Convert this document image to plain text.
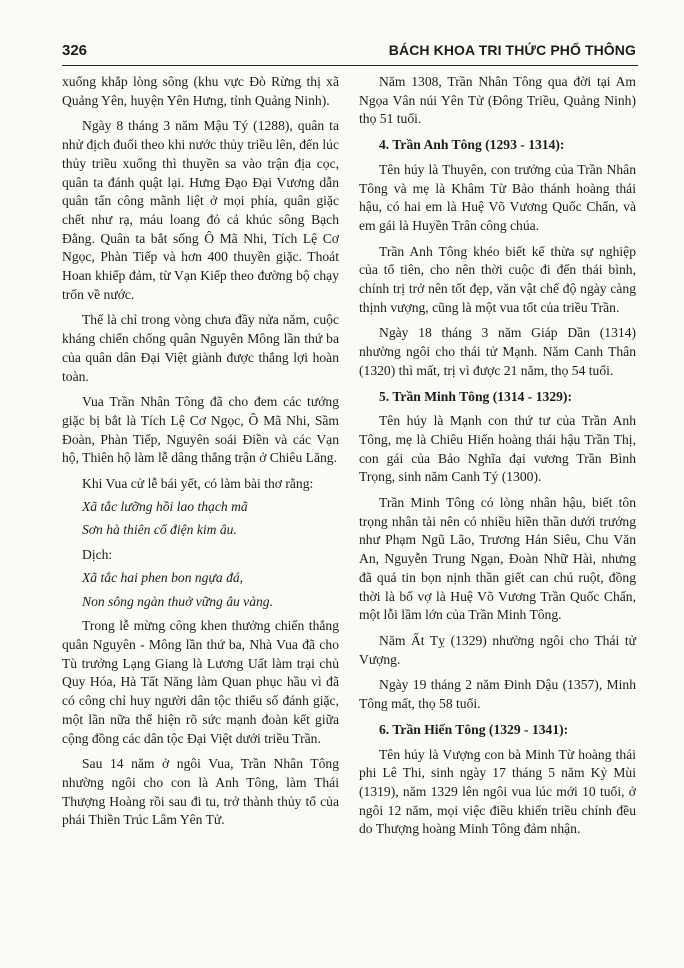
326	BÁCH KHOA TRI THỨC PHỔ THÔNG

xuống khắp lòng sông (khu vực Đò Rừng thị xã Quảng Yên, huyện Yên Hưng, tỉnh Quảng Ninh).

Ngày 8 tháng 3 năm Mậu Tý (1288), quân ta nhử địch đuổi theo khi nước thủy triều lên, đến lúc thủy triều xuống thì thuyền sa vào trận địa cọc, quân ta đánh quật lại. Hưng Đạo Đại Vương dẫn quân tấn công mãnh liệt ở mọi phía, quân giặc chết như rạ, máu loang đỏ cả khúc sông Bạch Đằng. Quân ta bắt sống Ô Mã Nhi, Tích Lệ Cơ Ngọc, Phàn Tiếp và hơn 400 thuyền giặc. Thoát Hoan khiếp đảm, từ Vạn Kiếp theo đường bộ chạy trốn về nước.

Thế là chỉ trong vòng chưa đầy nửa năm, cuộc kháng chiến chống quân Nguyên Mông lần thứ ba của quân dân Đại Việt giành được thắng lợi hoàn toàn.

Vua Trần Nhân Tông đã cho đem các tướng giặc bị bắt là Tích Lệ Cơ Ngọc, Ô Mã Nhi, Sầm Đoàn, Phàn Tiếp, Nguyên soái Điền và các Vạn hộ, Thiên hộ làm lễ dâng thắng trận ở Chiêu Lăng.

Khi Vua cử lễ bái yết, có làm bài thơ rằng:

Xã tắc lưỡng hồi lao thạch mã
Sơn hà thiên cổ điện kim âu.
Dịch:
Xã tắc hai phen bon ngựa đá,
Non sông ngàn thuở vững âu vàng.

Trong lễ mừng công khen thưởng chiến thắng quân Nguyên - Mông lần thứ ba, Nhà Vua đã cho Tù trưởng Lạng Giang là Lương Uất làm trại chủ Quy Hóa, Hà Tất Năng làm Quan phục hầu vì đã có công chỉ huy người dân tộc thiểu số đánh giặc, một lần nữa thể hiện rõ sức mạnh đoàn kết giữa cộng đồng các dân tộc Đại Việt dưới triều Trần.

Sau 14 năm ở ngôi Vua, Trần Nhân Tông nhường ngôi cho con là Anh Tông, làm Thái Thượng Hoàng rồi sau đi tu, trở thành thủy tổ của phái Thiền Trúc Lâm Yên Tử.

Năm 1308, Trần Nhân Tông qua đời tại Am Ngọa Vân núi Yên Tử (Đông Triều, Quảng Ninh) thọ 51 tuổi.

4. Trần Anh Tông (1293 - 1314):

Tên húy là Thuyên, con trưởng của Trần Nhân Tông và mẹ là Khâm Từ Bảo thánh hoàng thái hậu, có hai em là Huệ Võ Vương Quốc Chẩn, và em gái là Huyền Trân công chúa.

Trần Anh Tông khéo biết kế thừa sự nghiệp của tổ tiên, cho nên thời cuộc đi đến thái bình, chính trị trở nên tốt đẹp, văn vật chế độ ngày càng thịnh vượng, cũng là một vua tốt của triều Trần.

Ngày 18 tháng 3 năm Giáp Dần (1314) nhường ngôi cho thái tử Mạnh. Năm Canh Thân (1320) thì mất, trị vì được 21 năm, thọ 54 tuổi.

5. Trần Minh Tông (1314 - 1329):

Tên húy là Mạnh con thứ tư của Trần Anh Tông, mẹ là Chiêu Hiến hoàng thái hậu Trần Thị, con gái của Bảo Nghĩa đại vương Trần Bình Trọng, sinh năm Canh Tý (1300).

Trần Minh Tông có lòng nhân hậu, biết tôn trọng nhân tài nên có nhiều hiền thần dưới trướng như Phạm Ngũ Lão, Trương Hán Siêu, Chu Văn An, Nguyễn Trung Ngạn, Đoàn Nhữ Hài, nhưng đã quá tin bọn nịnh thần giết can chú ruột, đồng thời là bố vợ là Huệ Võ Vương Trần Quốc Chấn, một lỗi lầm lớn của Trần Minh Tông.

Năm Ất Tỵ (1329) nhường ngôi cho Thái tử Vượng.

Ngày 19 tháng 2 năm Đinh Dậu (1357), Minh Tông mất, thọ 58 tuổi.

6. Trần Hiến Tông (1329 - 1341):

Tên húy là Vượng con bà Minh Từ hoàng thái phi Lê Thi, sinh ngày 17 tháng 5 năm Kỷ Mùi (1319), năm 1329 lên ngôi vua lúc mới 10 tuổi, ở ngôi 12 năm, mọi việc điều khiển triều chính đều do Thượng hoàng Minh Tông đảm nhận.
